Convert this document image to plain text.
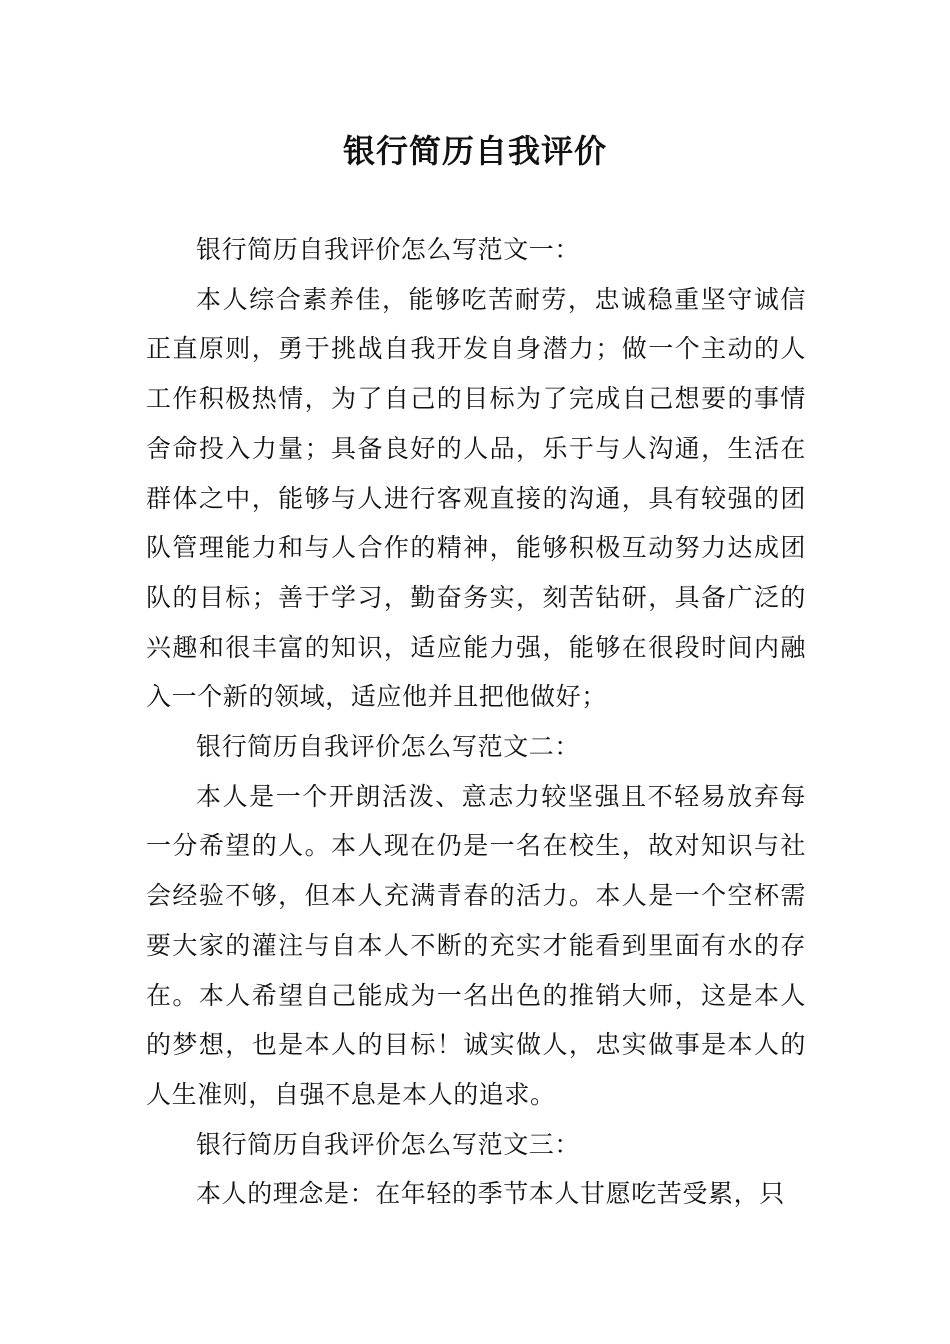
银行简历自我评价

银行简历自我评价怎么写范文一：

本人综合素养佳，能够吃苦耐劳，忠诚稳重坚守诚信正直原则，勇于挑战自我开发自身潜力；做一个主动的人工作积极热情，为了自己的目标为了完成自己想要的事情舍命投入力量；具备良好的人品，乐于与人沟通，生活在群体之中，能够与人进行客观直接的沟通，具有较强的团队管理能力和与人合作的精神，能够积极互动努力达成团队的目标；善于学习，勤奋务实，刻苦钻研，具备广泛的兴趣和很丰富的知识，适应能力强，能够在很段时间内融入一个新的领域，适应他并且把他做好；

银行简历自我评价怎么写范文二：

本人是一个开朗活泼、意志力较坚强且不轻易放弃每一分希望的人。本人现在仍是一名在校生，故对知识与社会经验不够，但本人充满青春的活力。本人是一个空杯需要大家的灌注与自本人不断的充实才能看到里面有水的存在。本人希望自己能成为一名出色的推销大师，这是本人的梦想，也是本人的目标！诚实做人，忠实做事是本人的人生准则，自强不息是本人的追求。

银行简历自我评价怎么写范文三：

本人的理念是：在年轻的季节本人甘愿吃苦受累，只
